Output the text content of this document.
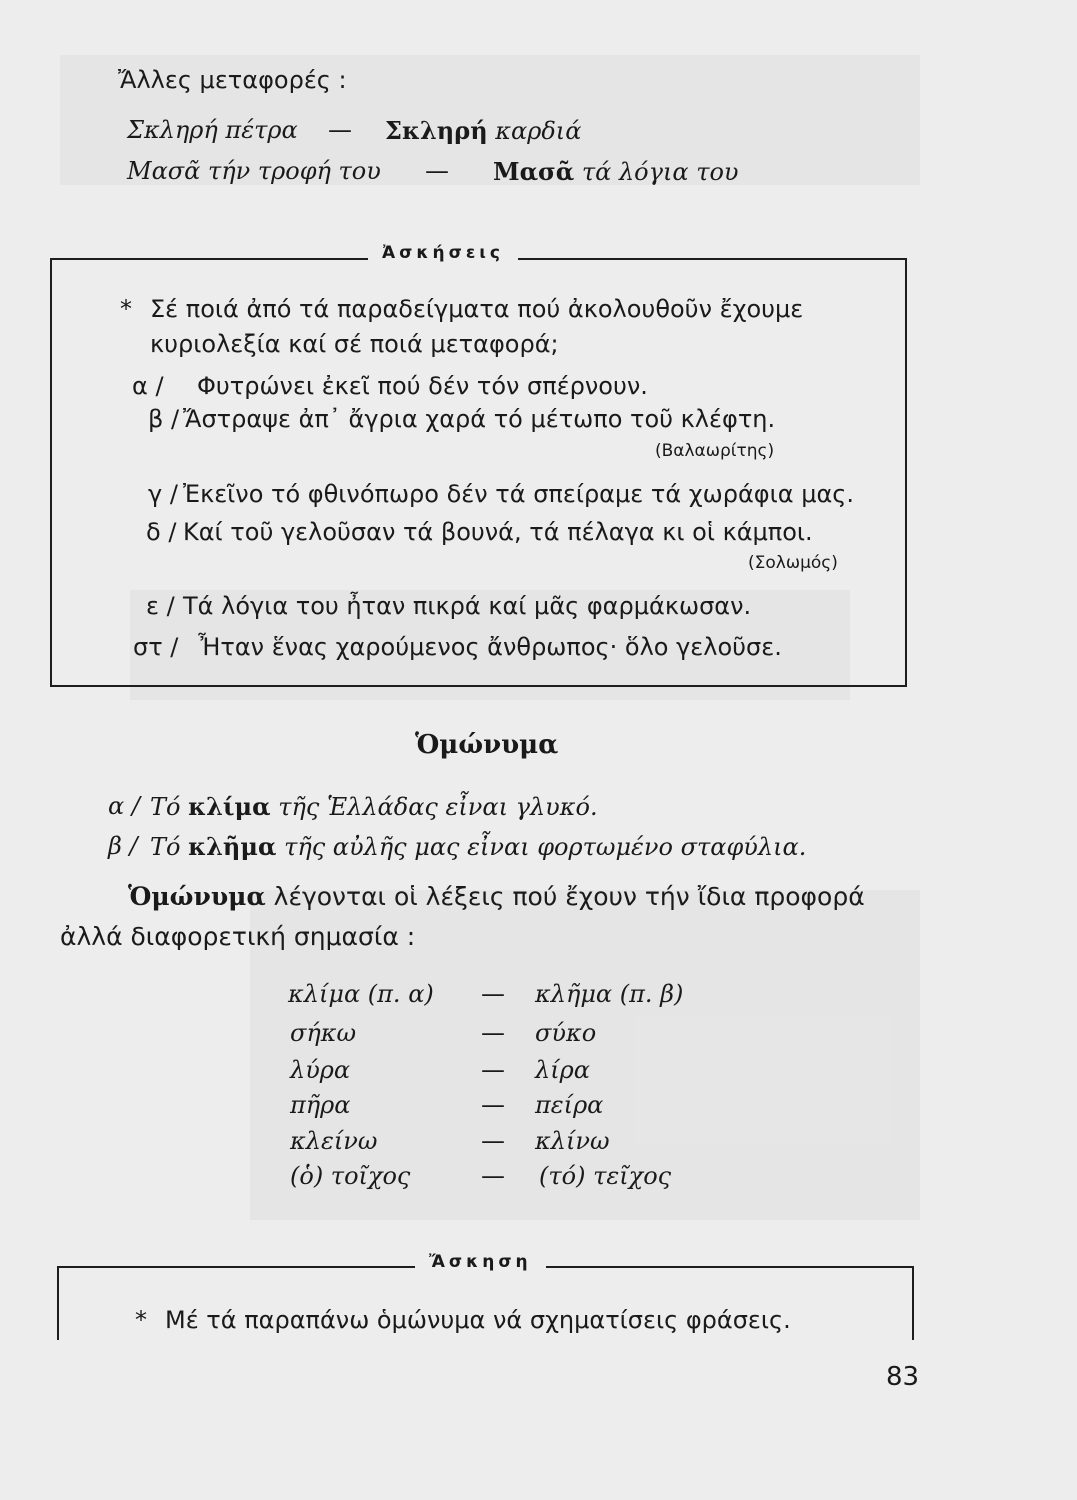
Ἄλλες μεταφορές :
Σκληρή πέτρα — Σκληρή καρδιά
Μασᾶ τήν τροφή του — Μασᾶ τά λόγια του
Ἀσκήσεις
* Σέ ποιά ἀπό τά παραδείγματα πού ἀκολουθοῦν ἔχουμε
κυριολεξία καί σέ ποιά μεταφορά;
α / Φυτρώνει ἐκεῖ πού δέν τόν σπέρνουν.
β / Ἄστραψε ἀπ᾽ ἄγρια χαρά τό μέτωπο τοῦ κλέφτη.
(Βαλαωρίτης)
γ / Ἐκεῖνο τό φθινόπωρο δέν τά σπείραμε τά χωράφια μας.
δ / Καί τοῦ γελοῦσαν τά βουνά, τά πέλαγα κι οἱ κάμποι.
(Σολωμός)
ε / Τά λόγια του ἦταν πικρά καί μᾶς φαρμάκωσαν.
στ / Ἦταν ἕνας χαρούμενος ἄνθρωπος· ὅλο γελοῦσε.
Ὁμώνυμα
α / Τό κλίμα τῆς Ἑλλάδας εἶναι γλυκό.
β / Τό κλῆμα τῆς αὐλῆς μας εἶναι φορτωμένο σταφύλια.
Ὁμώνυμα λέγονται οἱ λέξεις πού ἔχουν τήν ἴδια προφορά
ἀλλά διαφορετική σημασία :
κλίμα (π. α) — κλῆμα (π. β)
σήκω	— σύκο
λύρα	— λίρα
πῆρα	— πείρα
κλείνω	— κλίνω
(ὁ) τοῖχος	— (τό) τεῖχος
Ἄσκηση
* Μέ τά παραπάνω ὁμώνυμα νά σχηματίσεις φράσεις.
83
